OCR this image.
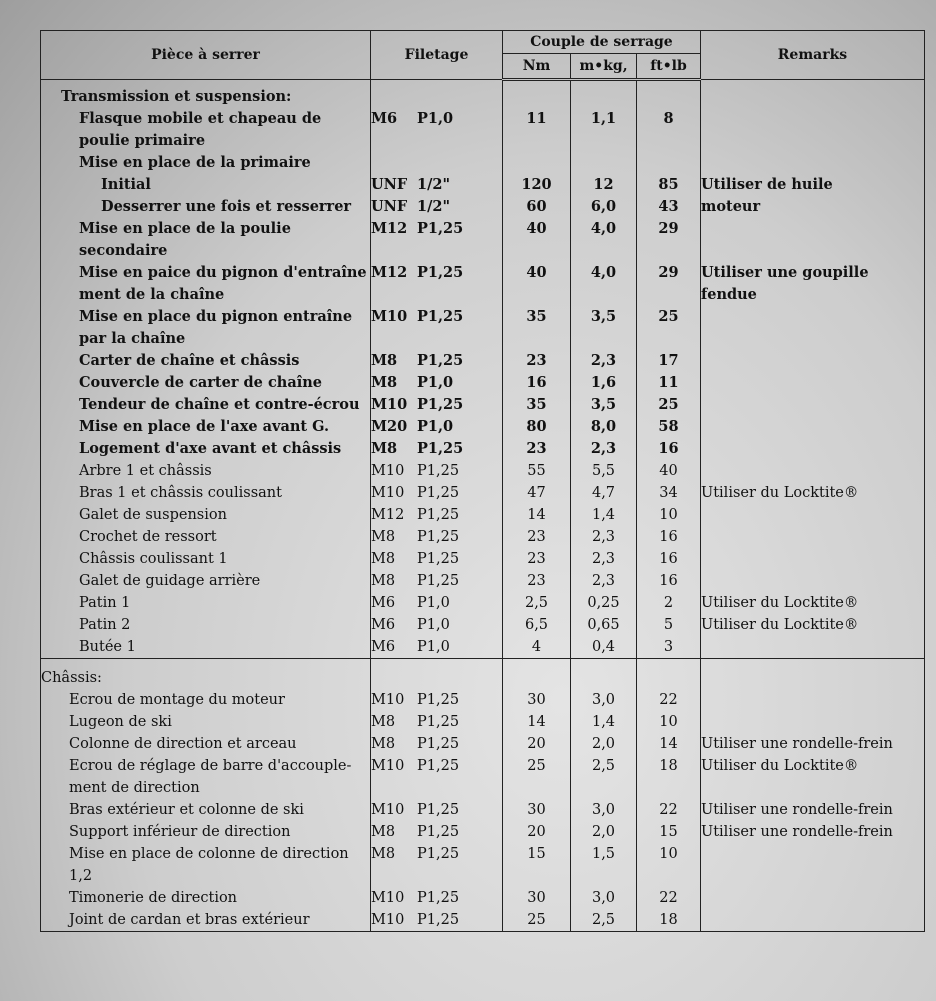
Pièce à serrer	Filetage	Couple de serrage			Remarks
		Nm	m•kg,	ft•lb	
Transmission et suspension:					
Flasque mobile et chapeau de poulie primaire	M6 P1,0	11	1,1	8	
Mise en place de la primaire					
Initial	UNF 1/2"	120	12	85	Utiliser de huile
Desserrer une fois et resserrer	UNF 1/2"	60	6,0	43	moteur
Mise en place de la poulie secondaire	M12 P1,25	40	4,0	29	
Mise en paice du pignon d'entraîne ment de la chaîne	M12 P1,25	40	4,0	29	Utiliser une goupille fendue
Mise en place du pignon entraîne par la chaîne	M10 P1,25	35	3,5	25	
Carter de chaîne et châssis	M8 P1,25	23	2,3	17	
Couvercle de carter de chaîne	M8 P1,0	16	1,6	11	
Tendeur de chaîne et contre-écrou	M10 P1,25	35	3,5	25	
Mise en place de l'axe avant G.	M20 P1,0	80	8,0	58	
Logement d'axe avant et châssis	M8 P1,25	23	2,3	16	
Arbre 1 et châssis	M10 P1,25	55	5,5	40	
Bras 1 et châssis coulissant	M10 P1,25	47	4,7	34	Utiliser du Locktite®
Galet de suspension	M12 P1,25	14	1,4	10	
Crochet de ressort	M8 P1,25	23	2,3	16	
Châssis coulissant 1	M8 P1,25	23	2,3	16	
Galet de guidage arrière	M8 P1,25	23	2,3	16	
Patin 1	M6 P1,0	2,5	0,25	2	Utiliser du Locktite®
Patin 2	M6 P1,0	6,5	0,65	5	Utiliser du Locktite®
Butée 1	M6 P1,0	4	0,4	3	
Châssis:					
Ecrou de montage du moteur	M10 P1,25	30	3,0	22	
Lugeon de ski	M8 P1,25	14	1,4	10	
Colonne de direction et arceau	M8 P1,25	20	2,0	14	Utiliser une rondelle-frein
Ecrou de réglage de barre d'accouple- ment de direction	M10 P1,25	25	2,5	18	Utiliser du Locktite®
Bras extérieur et colonne de ski	M10 P1,25	30	3,0	22	Utiliser une rondelle-frein
Support inférieur de direction	M8 P1,25	20	2,0	15	Utiliser une rondelle-frein
Mise en place de colonne de direction 1,2	M8 P1,25	15	1,5	10	
Timonerie de direction	M10 P1,25	30	3,0	22	
Joint de cardan et bras extérieur	M10 P1,25	25	2,5	18	
